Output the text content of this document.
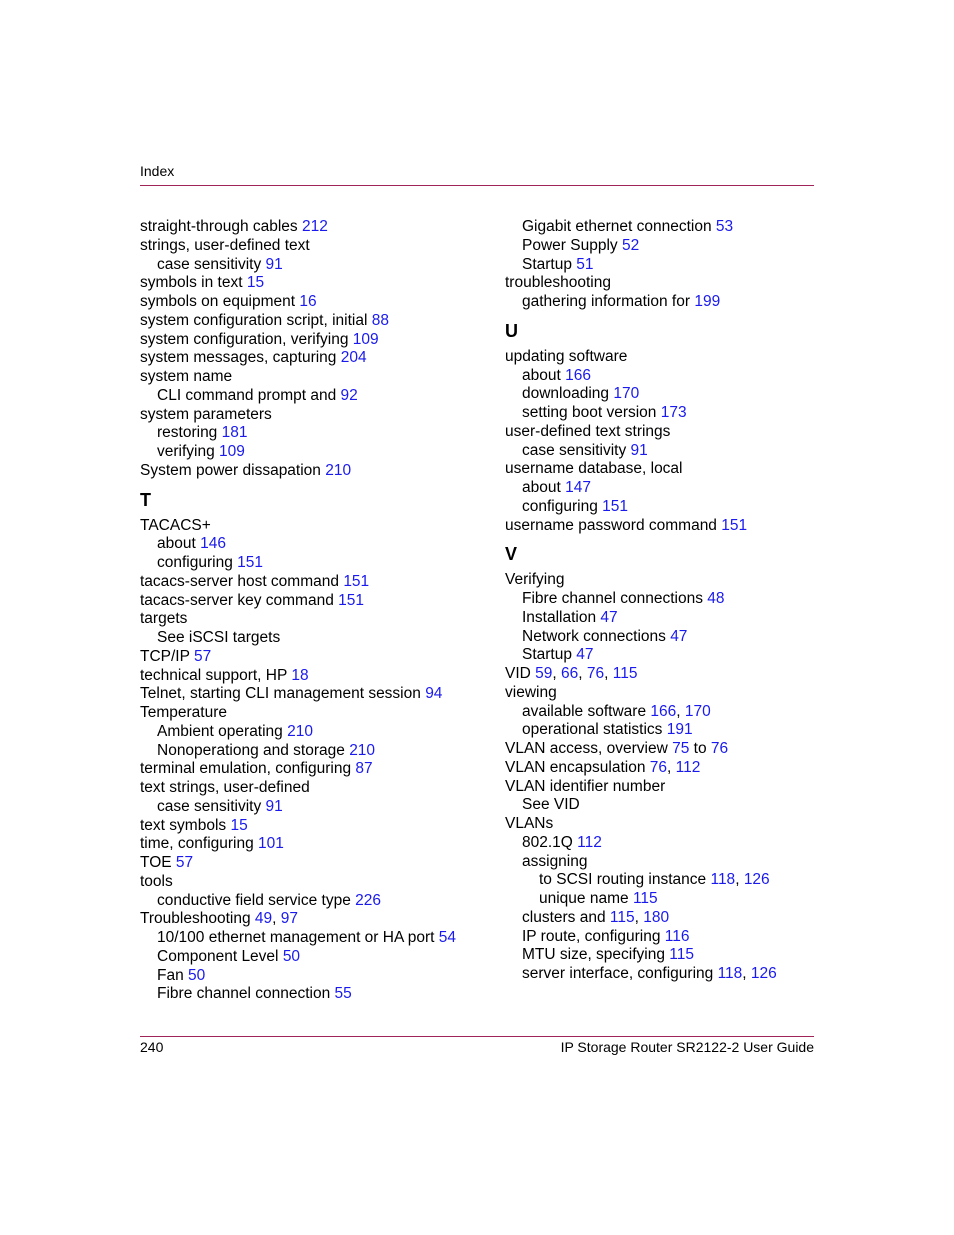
Index
straight-through cables 212
strings, user-defined text
case sensitivity 91
symbols in text 15
symbols on equipment 16
system configuration script, initial 88
system configuration, verifying 109
system messages, capturing 204
system name
CLI command prompt and 92
system parameters
restoring 181
verifying 109
System power dissapation 210
T
TACACS+
about 146
configuring 151
tacacs-server host command 151
tacacs-server key command 151
targets
See iSCSI targets
TCP/IP 57
technical support, HP 18
Telnet, starting CLI management session 94
Temperature
Ambient operating 210
Nonoperationg and storage 210
terminal emulation, configuring 87
text strings, user-defined
case sensitivity 91
text symbols 15
time, configuring 101
TOE 57
tools
conductive field service type 226
Troubleshooting 49, 97
10/100 ethernet management or HA port 54
Component Level 50
Fan 50
Fibre channel connection 55
Gigabit ethernet connection 53
Power Supply 52
Startup 51
troubleshooting
gathering information for 199
U
updating software
about 166
downloading 170
setting boot version 173
user-defined text strings
case sensitivity 91
username database, local
about 147
configuring 151
username password command 151
V
Verifying
Fibre channel connections 48
Installation 47
Network connections 47
Startup 47
VID 59, 66, 76, 115
viewing
available software 166, 170
operational statistics 191
VLAN access, overview 75 to 76
VLAN encapsulation 76, 112
VLAN identifier number
See VID
VLANs
802.1Q 112
assigning
to SCSI routing instance 118, 126
unique name 115
clusters and 115, 180
IP route, configuring 116
MTU size, specifying 115
server interface, configuring 118, 126
240	IP Storage Router SR2122-2 User Guide
